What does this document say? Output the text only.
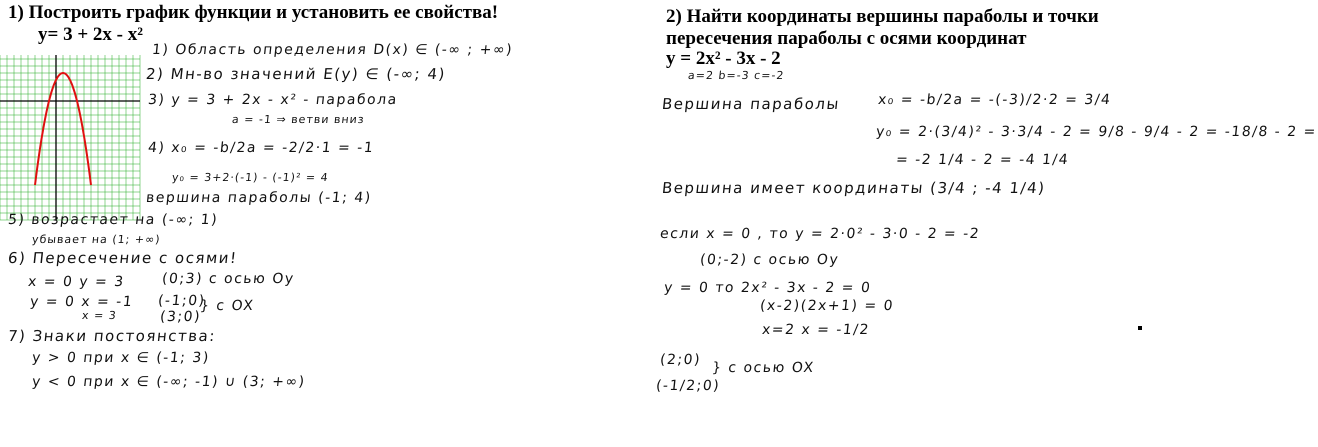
1) Построить график функции и установить ее свойства!
y= 3 + 2x - x²
1) Область определения D(x) ∈ (-∞ ; +∞)
2) Мн-во значений E(y) ∈ (-∞; 4)
3) y = 3 + 2x - x² - парабола
a = -1 ⇒ ветви вниз
4) x₀ = -b/2a = -2/2·1 = -1
y₀ = 3+2·(-1) - (-1)² = 4
вершина параболы (-1; 4)
5) возрастает на (-∞; 1)
убывает на (1; +∞)
6) Пересечение с осями!
x = 0 y = 3	(0;3) с осью Oy
y = 0 x = -1
x = 3
(-1;0)
(3;0)
} с OX
7) Знаки постоянства:
y > 0 при x ∈ (-1; 3)
y < 0 при x ∈ (-∞; -1) ∪ (3; +∞)
2) Найти координаты вершины параболы и точки
пересечения параболы с осями координат
y = 2x² - 3x - 2
a=2 b=-3 c=-2
Вершина параболы	x₀ = -b/2a = -(-3)/2·2 = 3/4
y₀ = 2·(3/4)² - 3·3/4 - 2 = 9/8 - 9/4 - 2 = -18/8 - 2 =
= -2 1/4 - 2 = -4 1/4
Вершина имеет координаты (3/4 ; -4 1/4)
если x = 0 , то y = 2·0² - 3·0 - 2 = -2
(0;-2) с осью Oy
y = 0 то 2x² - 3x - 2 = 0
(x-2)(2x+1) = 0
x=2 x = -1/2
(2;0)
(-1/2;0)
} с осью OX
